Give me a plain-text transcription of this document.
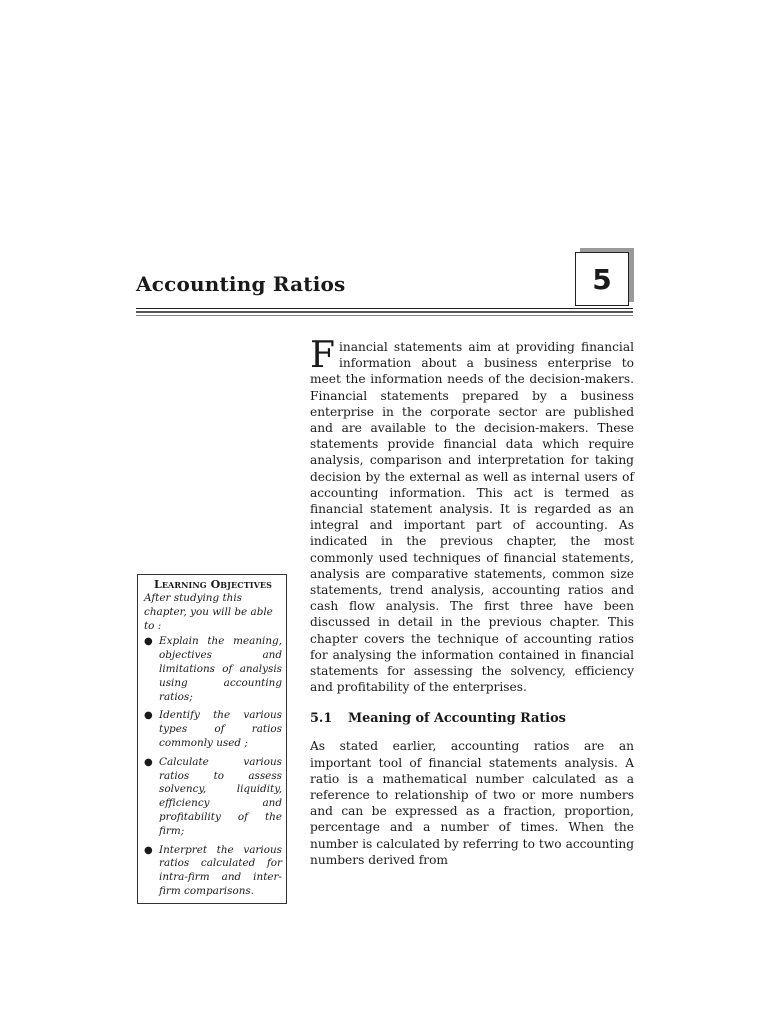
Accounting Ratios	5
Learning Objectives
After studying this chapter, you will be able to :
● Explain the meaning, objectives and limitations of analysis using accounting ratios;
● Identify the various types of ratios commonly used ;
● Calculate various ratios to assess solvency, liquidity, efficiency and profitability of the firm;
● Interpret the various ratios calculated for intra-firm and inter-firm comparisons.

Financial statements aim at providing financial information about a business enterprise to meet the information needs of the decision-makers. Financial statements prepared by a business enterprise in the corporate sector are published and are available to the decision-makers. These statements provide financial data which require analysis, comparison and interpretation for taking decision by the external as well as internal users of accounting information. This act is termed as financial statement analysis. It is regarded as an integral and important part of accounting. As indicated in the previous chapter, the most commonly used techniques of financial statements, analysis are comparative statements, common size statements, trend analysis, accounting ratios and cash flow analysis. The first three have been discussed in detail in the previous chapter. This chapter covers the technique of accounting ratios for analysing the information contained in financial statements for assessing the solvency, efficiency and profitability of the enterprises.

5.1 Meaning of Accounting Ratios

As stated earlier, accounting ratios are an important tool of financial statements analysis. A ratio is a mathematical number calculated as a reference to relationship of two or more numbers and can be expressed as a fraction, proportion, percentage and a number of times. When the number is calculated by referring to two accounting numbers derived from
